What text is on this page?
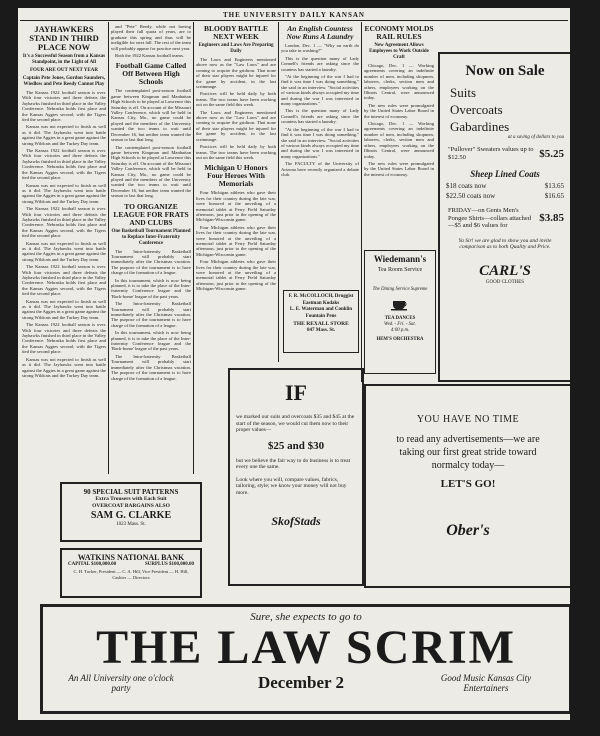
THE UNIVERSITY DAILY KANSAN
JAYHAWKERS STAND IN THIRD PLACE NOW
It's a Successful Season from a Kansas Standpoint, in the Light of All
FOUR ARE OUT NEXT YEAR
Captain Pete Jones, Gordon Saunders, Wiedlow and Pete Reedy Cannot Play

The Kansas 1922 football season is over. With four victories and three defeats the Jayhawks finished in third place in the Valley Conference. Nebraska holds first place and the Kansas Aggies second, with the Tigers tied the second place.

Kansas was not expected to finish as well as it did. The Jayhawks went into battle against the Aggies in a great game against the strong Wildcats and the Turkey Day team.

The Kansas 1922 football season is over. With four victories and three defeats the Jayhawks finished in third place in the Valley Conference. Nebraska holds first place and the Kansas Aggies second, with the Tigers tied the second place.

Kansas was not expected to finish as well as it did. The Jayhawks went into battle against the Aggies in a great game against the strong Wildcats and the Turkey Day team.

The Kansas 1922 football season is over. With four victories and three defeats the Jayhawks finished in third place in the Valley Conference. Nebraska holds first place and the Kansas Aggies second, with the Tigers tied the second place.

Kansas was not expected to finish as well as it did. The Jayhawks went into battle against the Aggies in a great game against the strong Wildcats and the Turkey Day team.

The Kansas 1922 football season is over. With four victories and three defeats the Jayhawks finished in third place in the Valley Conference. Nebraska holds first place and the Kansas Aggies second, with the Tigers tied the second place.

Kansas was not expected to finish as well as it did. The Jayhawks went into battle against the Aggies in a great game against the strong Wildcats and the Turkey Day team.

The Kansas 1922 football season is over. With four victories and three defeats the Jayhawks finished in third place in the Valley Conference. Nebraska holds first place and the Kansas Aggies second, with the Tigers tied the second place.

Kansas was not expected to finish as well as it did. The Jayhawks went into battle against the Aggies in a great game against the strong Wildcats and the Turkey Day team.

and "Pete" Reedy, while not having played their full quota of years, are to graduate this spring and thus will be ineligible for next fall. The rest of the team will probably appear for practice next year.

Both the 1922 Kansas football teams.

Football Game Called Off Between High Schools

The contemplated post-season football game between Kingman and Manhattan High Schools to be played at Lawrence this Saturday is off. On account of the Missouri Valley Conference, which will be held in Kansas City, Mo., no game could be played and the members of the University wanted the two teams to wait until December 16, but neither team wanted the season to last that long.

The contemplated post-season football game between Kingman and Manhattan High Schools to be played at Lawrence this Saturday is off. On account of the Missouri Valley Conference, which will be held in Kansas City, Mo., no game could be played and the members of the University wanted the two teams to wait until December 16, but neither team wanted the season to last that long.

TO ORGANIZE LEAGUE FOR FRATS AND CLUBS
One Basketball Tournament Planned to Replace Inter-Fraternity Conference

The Intra-fraternity Basketball Tournament will probably start immediately after the Christmas vacation. The purpose of the tournament is to have charge of the formation of a league.

In this tournament, which is now being planned, it is to take the place of the Inter-fraternity Conference league and the 'Back-home' league of the past years.

The Intra-fraternity Basketball Tournament will probably start immediately after the Christmas vacation. The purpose of the tournament is to have charge of the formation of a league.

In this tournament, which is now being planned, it is to take the place of the Inter-fraternity Conference league and the 'Back-home' league of the past years.

The Intra-fraternity Basketball Tournament will probably start immediately after the Christmas vacation. The purpose of the tournament is to have charge of the formation of a league.

BLOODY BATTLE NEXT WEEK
Engineers and Laws Are Preparing Daily

The Laws and Engineers mentioned above now as the "Law Laws" and are coming to acquire the gridiron. That none of their star players might be injured for the game by accident, in the last scrimmage.

Practices will be held daily by both teams. The two teams have been working out on the same field this week.

The Laws and Engineers mentioned above now as the "Law Laws" and are coming to acquire the gridiron. That none of their star players might be injured for the game by accident, in the last scrimmage.

Practices will be held daily by both teams. The two teams have been working out on the same field this week.

Michigan U Honors Four Heroes With Memorials

Four Michigan athletes who gave their lives for their country during the late war, were honored at the unveiling of a memorial tablet at Ferry Field Saturday afternoon, just prior to the opening of the Michigan-Wisconsin game.

Four Michigan athletes who gave their lives for their country during the late war, were honored at the unveiling of a memorial tablet at Ferry Field Saturday afternoon, just prior to the opening of the Michigan-Wisconsin game.

Four Michigan athletes who gave their lives for their country during the late war, were honored at the unveiling of a memorial tablet at Ferry Field Saturday afternoon, just prior to the opening of the Michigan-Wisconsin game.

An English Countess Now Runs A Laundry

London, Dec. 1 — "Why on earth do you take in washing?"

This is the question many of Lady Connell's friends are asking since the countess has started a laundry.

"At the beginning of the war I had to find it was time I was doing something," she said in an interview. "Social activities of various kinds always occupied my time and during the war I was interested in many organizations."

This is the question many of Lady Connell's friends are asking since the countess has started a laundry.

"At the beginning of the war I had to find it was time I was doing something," she said in an interview. "Social activities of various kinds always occupied my time and during the war I was interested in many organizations."

The FACULTY of the University of Arizona have recently organized a debate club.

F. R. McCOLLOCH, Druggist
Eastman Kodaks
L. E. Waterman and Conklin Fountain Pens
THE REXALL STORE
847 Mass. St.
ECONOMY MOLDS RAIL RULES
New Agreement Allows Employees to Work Outside Craft

Chicago, Dec. 1 — Working agreements covering an indefinite number of men, including shopmen, laborers, clerks, section men and others, employees working on the Illinois Central, were announced today.

The new rules were promulgated by the United States Labor Board in the interest of economy.

Chicago, Dec. 1 — Working agreements covering an indefinite number of men, including shopmen, laborers, clerks, section men and others, employees working on the Illinois Central, were announced today.

The new rules were promulgated by the United States Labor Board in the interest of economy.

Wiedemann's
Tea Room Service
The Dining Service Supreme
TEA DANCES
Wed. - Fri. - Sat.
4:00 p.m.
HEM'S ORCHESTRA
Now on Sale
Suits
Overcoats
Gabardines
at a saving of dollars to you
"Pullover" Sweaters values up to $12.50	$5.25
Sheep Lined Coats
$18 coats now	$13.65
$22.50 coats now	$16.65
FRIDAY—on Gents Men's Pongee Shirts—collars attached—$5 and $6 values for
$3.85
Ya Sir! we are glad to show you and invite comparison as to both Quality and Price.
CARL'S
GOOD CLOTHES
90 SPECIAL SUIT PATTERNS
Extra Trousers with Each Suit
OVERCOAT BARGAINS ALSO
SAM G. CLARKE
1023 Mass. St.
WATKINS NATIONAL BANK
CAPITAL $100,000.00	SURPLUS $100,000.00
C. H. Tucker, President — C. A. Hill, Vice President — H. Hill, Cashier — Directors
IF
we marked our suits and overcoats $35 and $45 at the start of the season, we would cut them now to their proper values—
$25 and $30
but we believe the fair way to do business is to treat every one the same.
Look where you will, compare values, fabrics, tailoring, style; we know your money will not buy more.
SkofStads
YOU HAVE NO TIME
to read any advertisements—we are taking our first great stride toward normalcy today—
LET'S GO!
Ober's
Sure, she expects to go to
THE LAW SCRIM
An All University one o'clock party	December 2	Good Music Kansas City Entertainers
